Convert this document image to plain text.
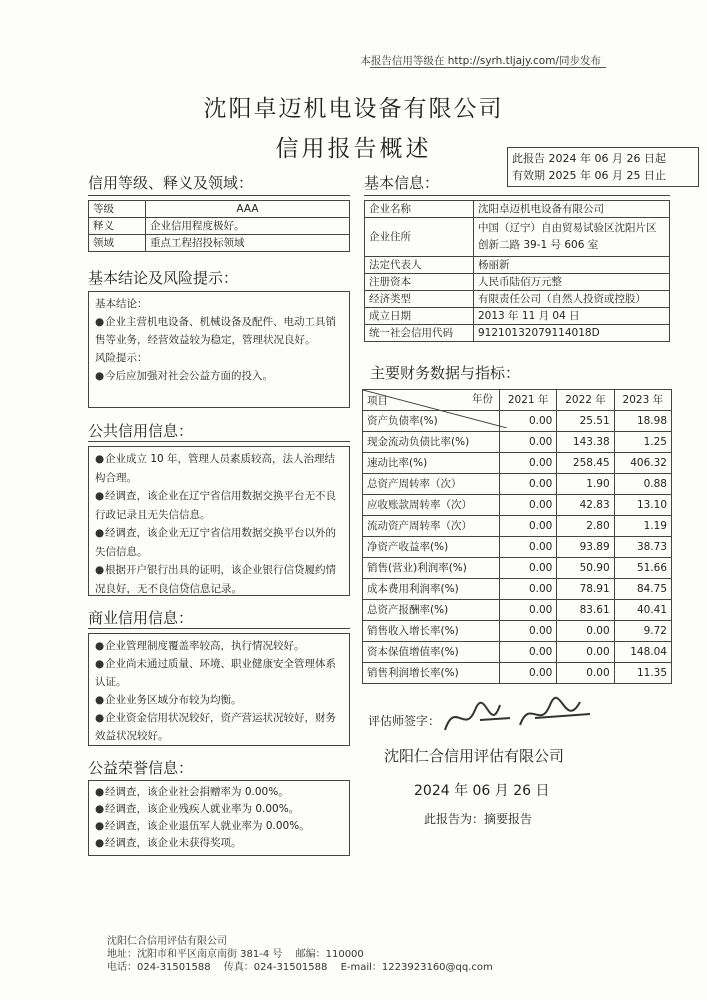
本报告信用等级在 http://syrh.tljajy.com/同步发布
沈阳卓迈机电设备有限公司
信用报告概述	此报告 2024 年 06 月 26 日起
有效期 2025 年 06 月 25 日止
信用等级、释义及领域：
等级	AAA
释义	企业信用程度极好。
领域	重点工程招投标领域
基本结论及风险提示：
基本结论：
●企业主营机电设备、机械设备及配件、电动工具销售等业务，经营效益较为稳定，管理状况良好。
风险提示：
●今后应加强对社会公益方面的投入。
公共信用信息：
●企业成立 10 年，管理人员素质较高，法人治理结构合理。
●经调查，该企业在辽宁省信用数据交换平台无不良行政记录且无失信信息。
●经调查，该企业无辽宁省信用数据交换平台以外的失信信息。
●根据开户银行出具的证明，该企业银行信贷履约情况良好，无不良信贷信息记录。
商业信用信息：
●企业管理制度覆盖率较高，执行情况较好。
●企业尚未通过质量、环境、职业健康安全管理体系认证。
●企业业务区域分布较为均衡。
●企业资金信用状况较好，资产营运状况较好，财务效益状况较好。
公益荣誉信息：
●经调查，该企业社会捐赠率为 0.00%。
●经调查，该企业残疾人就业率为 0.00%。
●经调查，该企业退伍军人就业率为 0.00%。
●经调查，该企业未获得奖项。
基本信息：
企业名称	沈阳卓迈机电设备有限公司
企业住所	中国（辽宁）自由贸易试验区沈阳片区创新二路 39-1 号 606 室
法定代表人	杨丽新
注册资本	人民币陆佰万元整
经济类型	有限责任公司（自然人投资或控股）
成立日期	2013 年 11 月 04 日
统一社会信用代码	91210132079114018D
主要财务数据与指标：
年份
项目	2021 年	2022 年	2023 年
资产负债率(%)	0.00	25.51	18.98
现金流动负债比率(%)	0.00	143.38	1.25
速动比率(%)	0.00	258.45	406.32
总资产周转率（次）	0.00	1.90	0.88
应收账款周转率（次）	0.00	42.83	13.10
流动资产周转率（次）	0.00	2.80	1.19
净资产收益率(%)	0.00	93.89	38.73
销售(营业)利润率(%)	0.00	50.90	51.66
成本费用利润率(%)	0.00	78.91	84.75
总资产报酬率(%)	0.00	83.61	40.41
销售收入增长率(%)	0.00	0.00	9.72
资本保值增值率(%)	0.00	0.00	148.04
销售利润增长率(%)	0.00	0.00	11.35
评估师签字：
沈阳仁合信用评估有限公司
2024 年 06 月 26 日
此报告为：摘要报告
沈阳仁合信用评估有限公司
地址：沈阳市和平区南京南街 381-4 号 邮编：110000
电话：024-31501588 传真：024-31501588 E-mail：1223923160@qq.com
